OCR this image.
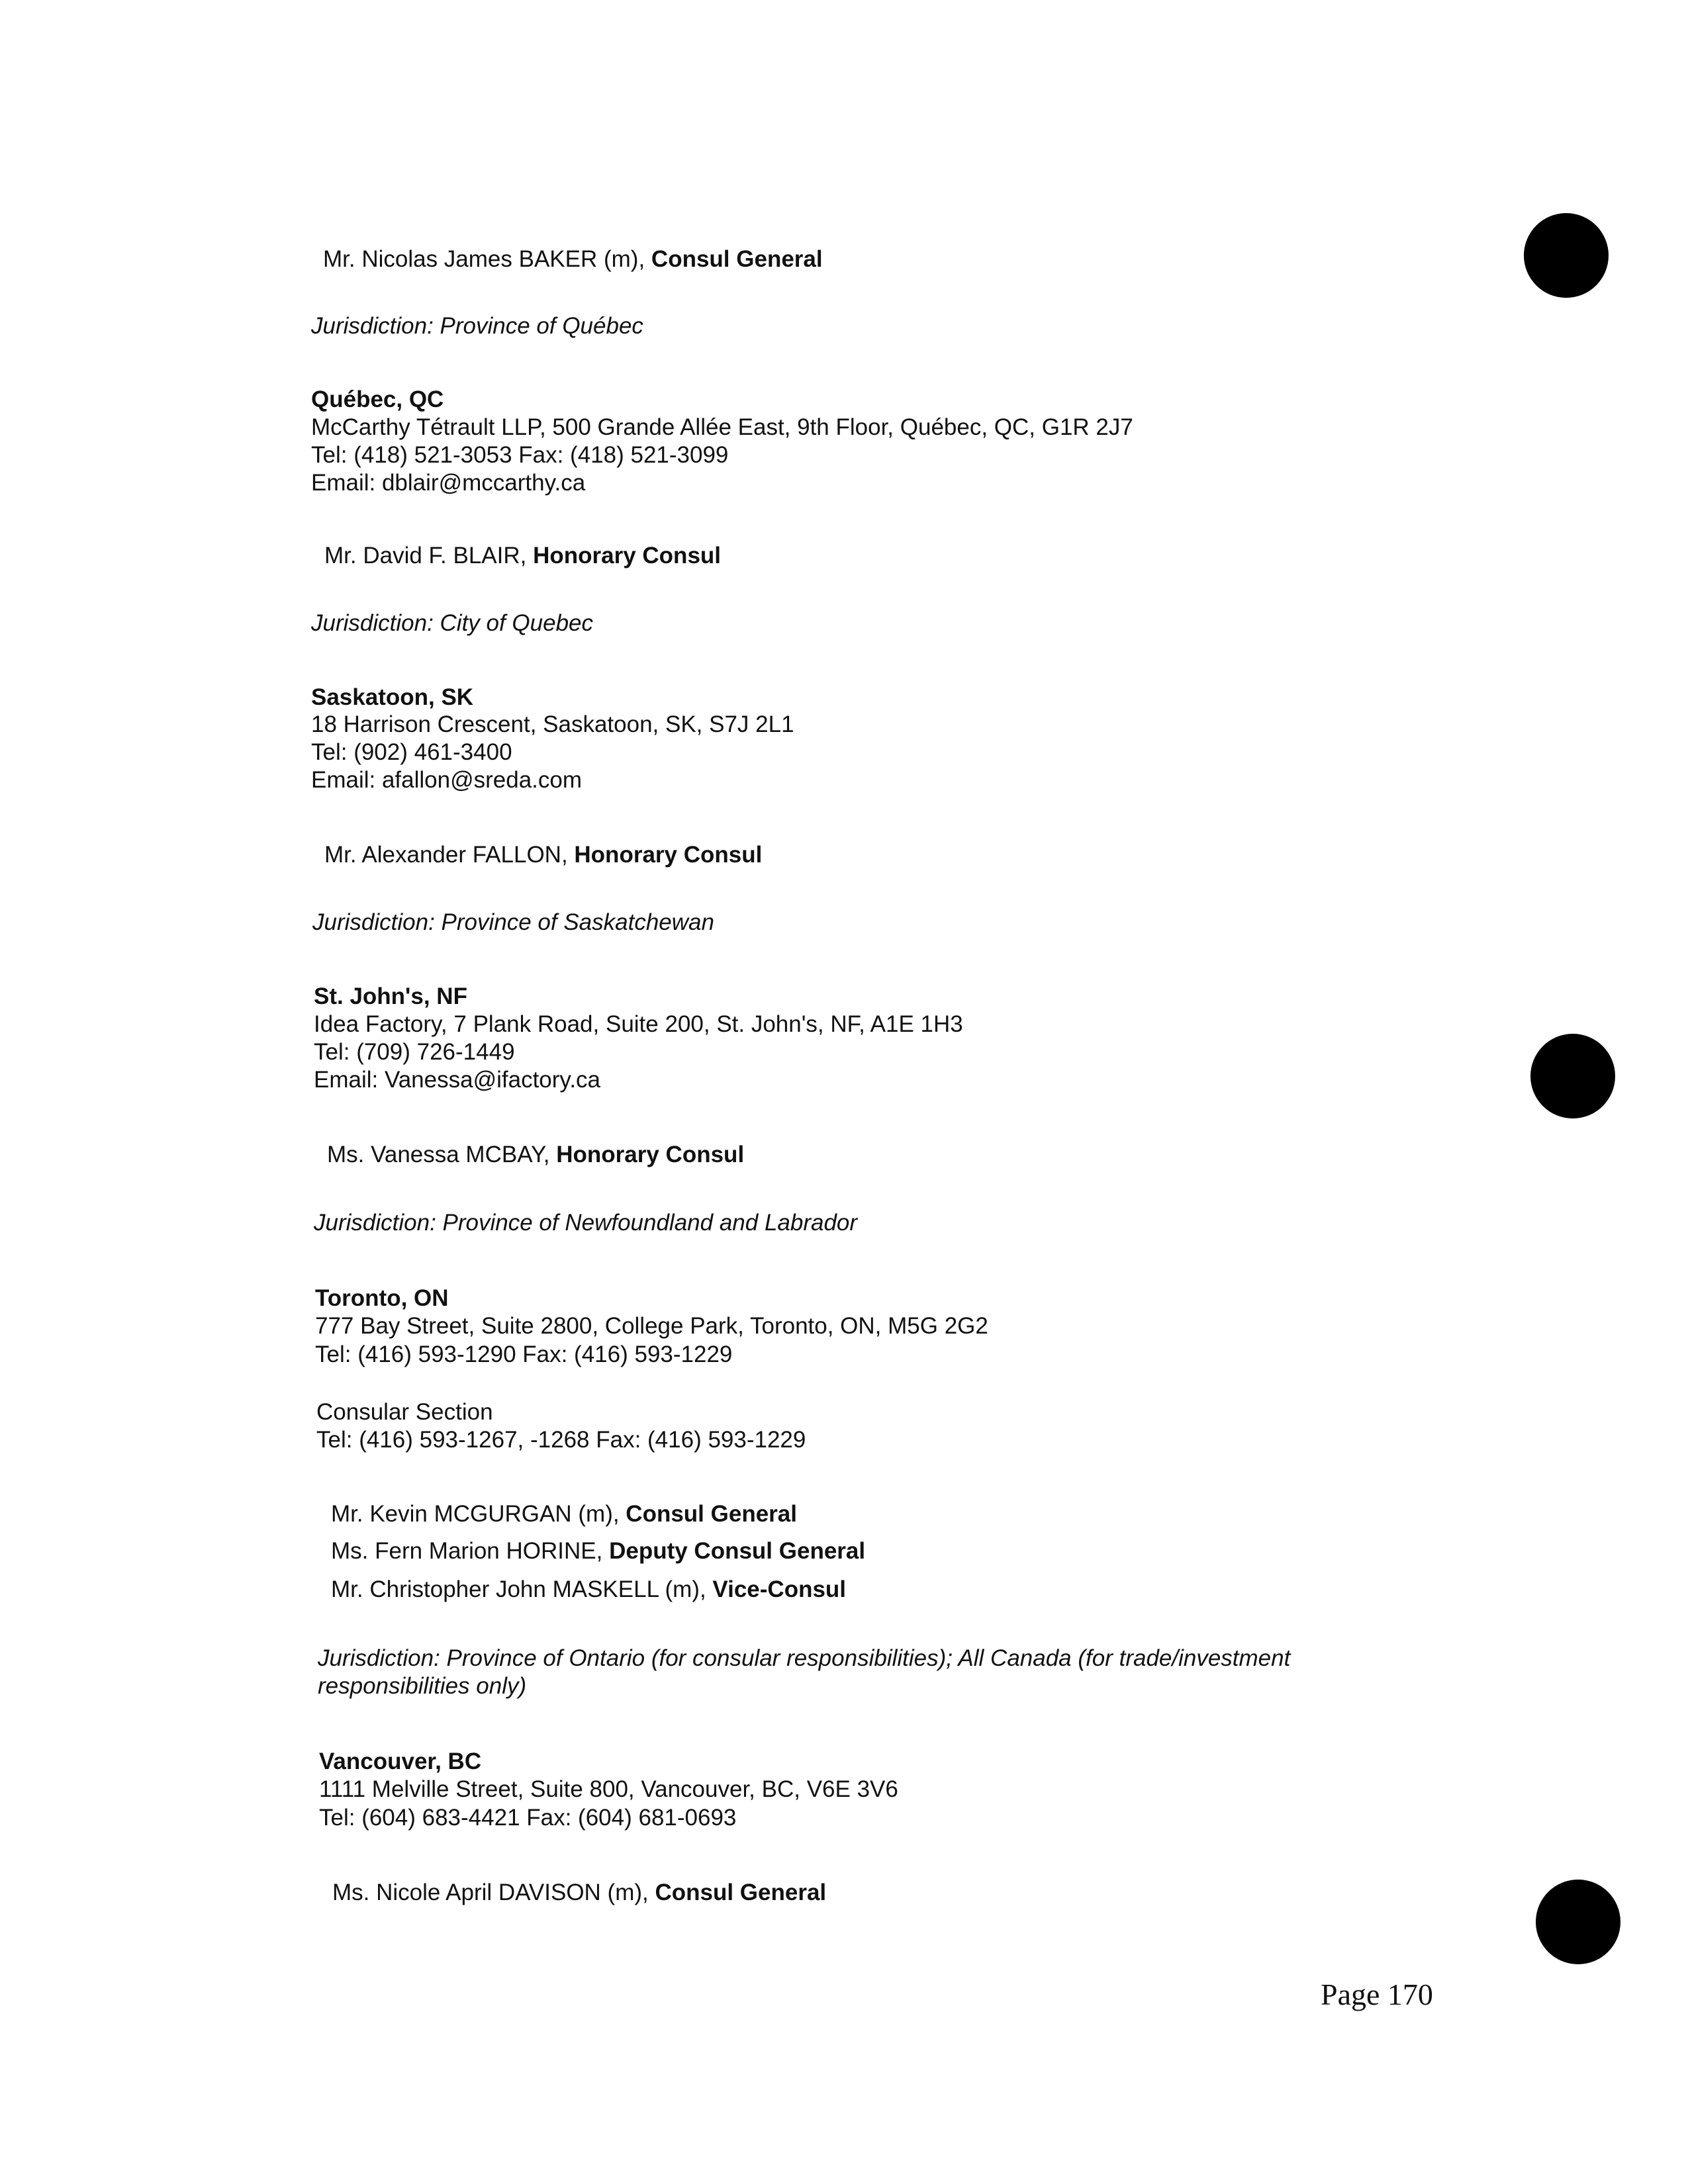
Mr. Nicolas James BAKER (m), Consul General
Jurisdiction: Province of Québec
Québec, QC
McCarthy Tétrault LLP, 500 Grande Allée East, 9th Floor, Québec, QC, G1R 2J7
Tel: (418) 521-3053 Fax: (418) 521-3099
Email: dblair@mccarthy.ca
Mr. David F. BLAIR, Honorary Consul
Jurisdiction: City of Quebec
Saskatoon, SK
18 Harrison Crescent, Saskatoon, SK, S7J 2L1
Tel: (902) 461-3400
Email: afallon@sreda.com
Mr. Alexander FALLON, Honorary Consul
Jurisdiction: Province of Saskatchewan
St. John's, NF
Idea Factory, 7 Plank Road, Suite 200, St. John's, NF, A1E 1H3
Tel: (709) 726-1449
Email: Vanessa@ifactory.ca
Ms. Vanessa MCBAY, Honorary Consul
Jurisdiction: Province of Newfoundland and Labrador
Toronto, ON
777 Bay Street, Suite 2800, College Park, Toronto, ON, M5G 2G2
Tel: (416) 593-1290 Fax: (416) 593-1229
Consular Section
Tel: (416) 593-1267, -1268 Fax: (416) 593-1229
Mr. Kevin MCGURGAN (m), Consul General
Ms. Fern Marion HORINE, Deputy Consul General
Mr. Christopher John MASKELL (m), Vice-Consul
Jurisdiction: Province of Ontario (for consular responsibilities); All Canada (for trade/investment
responsibilities only)
Vancouver, BC
1111 Melville Street, Suite 800, Vancouver, BC, V6E 3V6
Tel: (604) 683-4421 Fax: (604) 681-0693
Ms. Nicole April DAVISON (m), Consul General
Page 170
